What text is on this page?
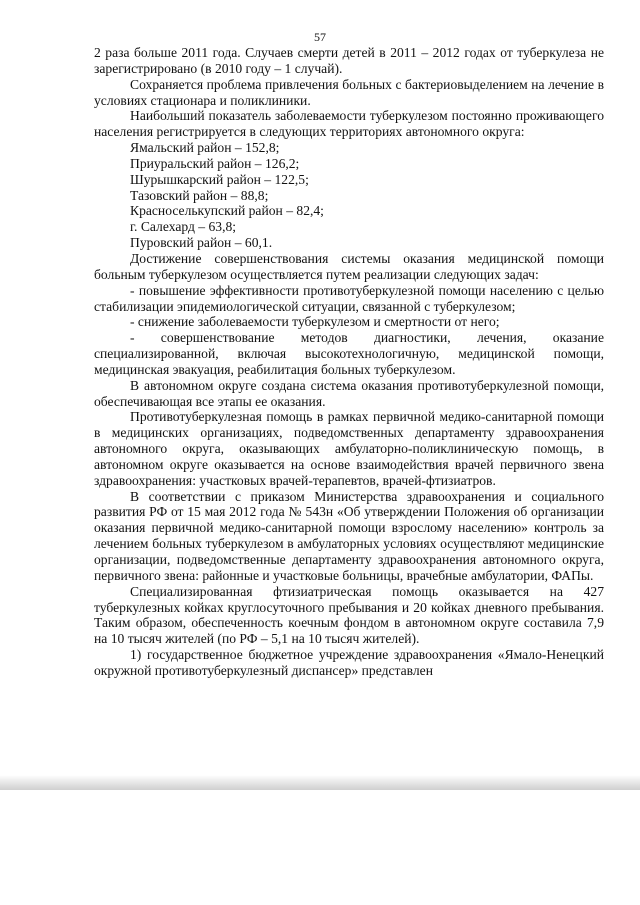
57

2 раза больше 2011 года. Случаев смерти детей в 2011 – 2012 годах от туберкулеза не зарегистрировано (в 2010 году – 1 случай).

Сохраняется проблема привлечения больных с бактериовыделением на лечение в условиях стационара и поликлиники.

Наибольший показатель заболеваемости туберкулезом постоянно проживающего населения регистрируется в следующих территориях автономного округа:

Ямальский район – 152,8;
Приуральский район – 126,2;
Шурышкарский район – 122,5;
Тазовский район – 88,8;
Красноселькупский район – 82,4;
г. Салехард – 63,8;
Пуровский район – 60,1.

Достижение совершенствования системы оказания медицинской помощи больным туберкулезом осуществляется путем реализации следующих задач:

- повышение эффективности противотуберкулезной помощи населению с целью стабилизации эпидемиологической ситуации, связанной с туберкулезом;

- снижение заболеваемости туберкулезом и смертности от него;

- совершенствование методов диагностики, лечения, оказание специализированной, включая высокотехнологичную, медицинской помощи, медицинская эвакуация, реабилитация больных туберкулезом.

В автономном округе создана система оказания противотуберкулезной помощи, обеспечивающая все этапы ее оказания.

Противотуберкулезная помощь в рамках первичной медико-санитарной помощи в медицинских организациях, подведомственных департаменту здравоохранения автономного округа, оказывающих амбулаторно-поликлиническую помощь, в автономном округе оказывается на основе взаимодействия врачей первичного звена здравоохранения: участковых врачей-терапевтов, врачей-фтизиатров.

В соответствии с приказом Министерства здравоохранения и социального развития РФ от 15 мая 2012 года № 543н «Об утверждении Положения об организации оказания первичной медико-санитарной помощи взрослому населению» контроль за лечением больных туберкулезом в амбулаторных условиях осуществляют медицинские организации, подведомственные департаменту здравоохранения автономного округа, первичного звена: районные и участковые больницы, врачебные амбулатории, ФАПы.

Специализированная фтизиатрическая помощь оказывается на 427 туберкулезных койках круглосуточного пребывания и 20 койках дневного пребывания. Таким образом, обеспеченность коечным фондом в автономном округе составила 7,9 на 10 тысяч жителей (по РФ – 5,1 на 10 тысяч жителей).

1) государственное бюджетное учреждение здравоохранения «Ямало-Ненецкий окружной противотуберкулезный диспансер» представлен
